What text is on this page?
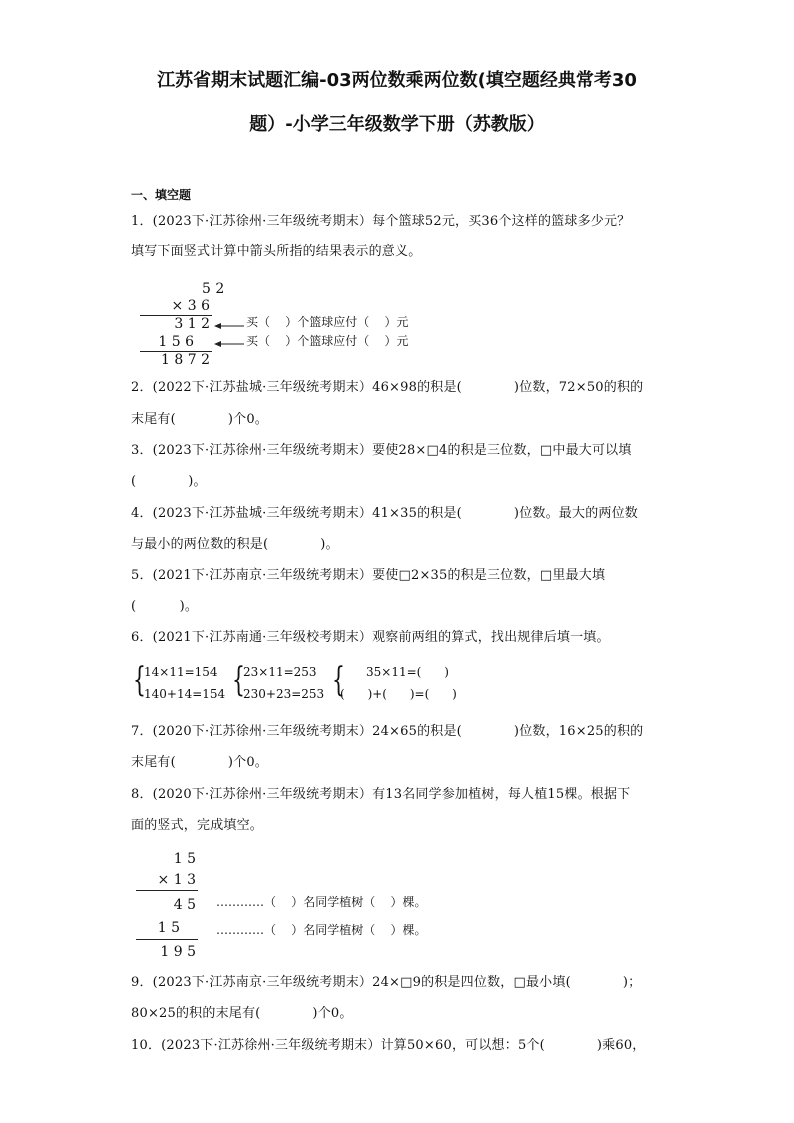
江苏省期末试题汇编-03两位数乘两位数(填空题经典常考30
题）-小学三年级数学下册（苏教版）
一、填空题
1．(2023下·江苏徐州·三年级统考期末）每个篮球52元，买36个这样的篮球多少元？
填写下面竖式计算中箭头所指的结果表示的意义。
5 2
× 3 6
3 1 2
1 5 6
1 8 7 2
买（    ）个篮球应付（    ）元
买（    ）个篮球应付（    ）元
2．(2022下·江苏盐城·三年级统考期末）46×98的积是(            )位数，72×50的积的
末尾有(            )个0。
3．(2023下·江苏徐州·三年级统考期末）要使28×□4的积是三位数，□中最大可以填
(            )。
4．(2023下·江苏盐城·三年级统考期末）41×35的积是(            )位数。最大的两位数
与最小的两位数的积是(            )。
5．(2021下·江苏南京·三年级统考期末）要使□2×35的积是三位数，□里最大填
(          )。
6．(2021下·江苏南通·三年级校考期末）观察前两组的算式，找出规律后填一填。
{
14×11=154
140+14=154 {
23×11=253
230+23=253 { 35×11=(      )
(      )+(      )=(      )
7．(2020下·江苏徐州·三年级统考期末）24×65的积是(            )位数，16×25的积的
末尾有(            )个0。
8．(2020下·江苏徐州·三年级统考期末）有13名同学参加植树，每人植15棵。根据下
面的竖式，完成填空。
1 5
× 1 3
4 5
1 5
1 9 5
…………（    ）名同学植树（    ）棵。
…………（    ）名同学植树（    ）棵。
9．(2023下·江苏南京·三年级统考期末）24×□9的积是四位数，□最小填(            )；
80×25的积的末尾有(            )个0。
10．(2023下·江苏徐州·三年级统考期末）计算50×60，可以想：5个(            )乘60，
